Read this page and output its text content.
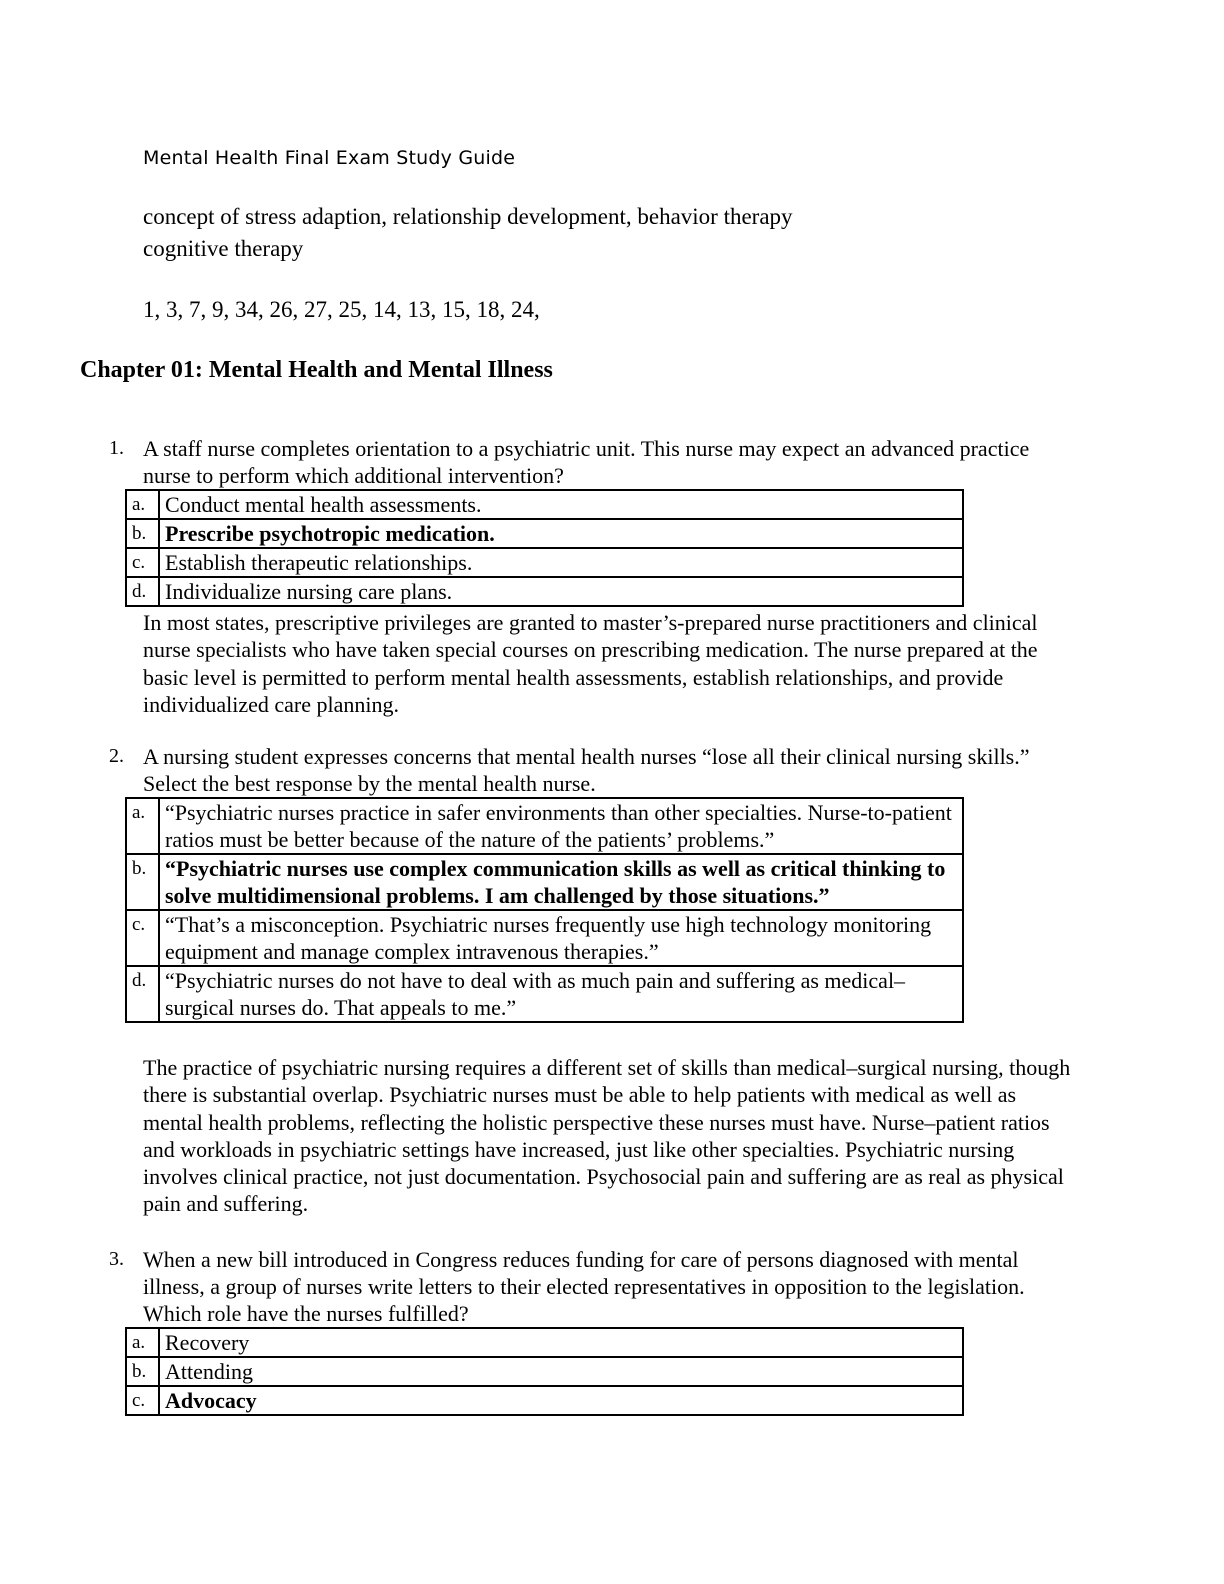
Mental Health Final Exam Study Guide
concept of stress adaption, relationship development, behavior therapy
cognitive therapy
1, 3, 7, 9, 34, 26, 27, 25, 14, 13, 15, 18, 24,
Chapter 01: Mental Health and Mental Illness
1. A staff nurse completes orientation to a psychiatric unit. This nurse may expect an advanced practice nurse to perform which additional intervention?

a.	Conduct mental health assessments.
b.	Prescribe psychotropic medication.
c.	Establish therapeutic relationships.
d.	Individualize nursing care plans.

In most states, prescriptive privileges are granted to master’s-prepared nurse practitioners and clinical nurse specialists who have taken special courses on prescribing medication. The nurse prepared at the basic level is permitted to perform mental health assessments, establish relationships, and provide individualized care planning.

2. A nursing student expresses concerns that mental health nurses “lose all their clinical nursing skills.” Select the best response by the mental health nurse.

a.	“Psychiatric nurses practice in safer environments than other specialties. Nurse-to-patient ratios must be better because of the nature of the patients’ problems.”
b.	“Psychiatric nurses use complex communication skills as well as critical thinking to solve multidimensional problems. I am challenged by those situations.”
c.	“That’s a misconception. Psychiatric nurses frequently use high technology monitoring equipment and manage complex intravenous therapies.”
d.	“Psychiatric nurses do not have to deal with as much pain and suffering as medical–surgical nurses do. That appeals to me.”

The practice of psychiatric nursing requires a different set of skills than medical–surgical nursing, though there is substantial overlap. Psychiatric nurses must be able to help patients with medical as well as mental health problems, reflecting the holistic perspective these nurses must have. Nurse–patient ratios and workloads in psychiatric settings have increased, just like other specialties. Psychiatric nursing involves clinical practice, not just documentation. Psychosocial pain and suffering are as real as physical pain and suffering.

3. When a new bill introduced in Congress reduces funding for care of persons diagnosed with mental illness, a group of nurses write letters to their elected representatives in opposition to the legislation. Which role have the nurses fulfilled?

a.	Recovery
b.	Attending
c.	Advocacy
